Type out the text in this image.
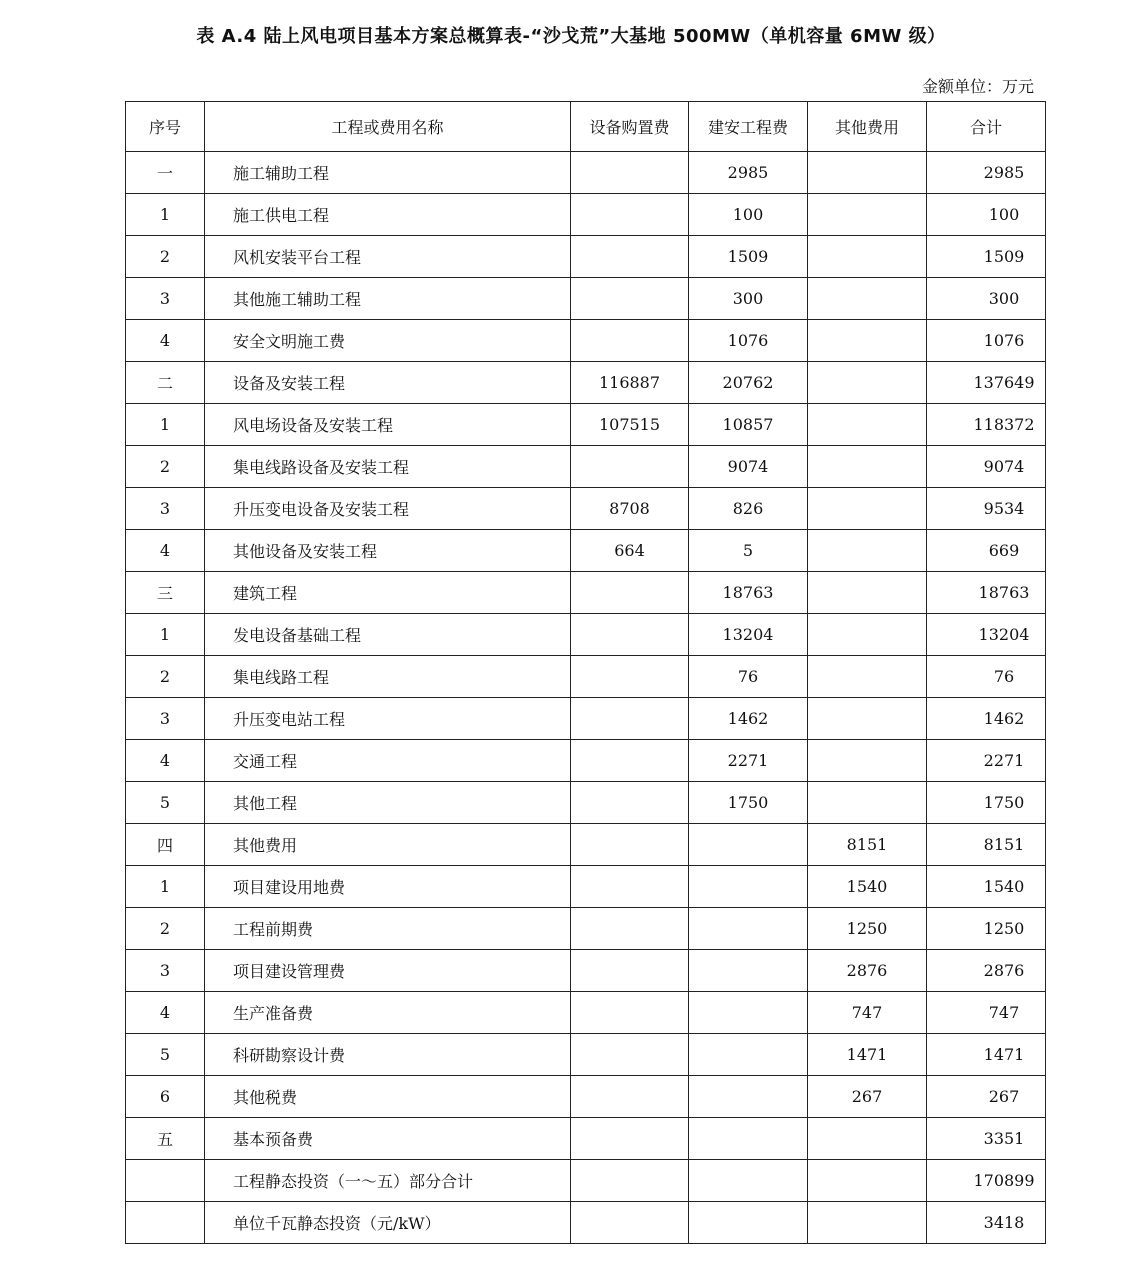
表 A.4 陆上风电项目基本方案总概算表-“沙戈荒”大基地 500MW（单机容量 6MW 级）
金额单位：万元
序号	工程或费用名称	设备购置费	建安工程费	其他费用	合计
一	施工辅助工程		2985		2985
1	施工供电工程		100		100
2	风机安装平台工程		1509		1509
3	其他施工辅助工程		300		300
4	安全文明施工费		1076		1076
二	设备及安装工程	116887	20762		137649
1	风电场设备及安装工程	107515	10857		118372
2	集电线路设备及安装工程		9074		9074
3	升压变电设备及安装工程	8708	826		9534
4	其他设备及安装工程	664	5		669
三	建筑工程		18763		18763
1	发电设备基础工程		13204		13204
2	集电线路工程		76		76
3	升压变电站工程		1462		1462
4	交通工程		2271		2271
5	其他工程		1750		1750
四	其他费用			8151	8151
1	项目建设用地费			1540	1540
2	工程前期费			1250	1250
3	项目建设管理费			2876	2876
4	生产准备费			747	747
5	科研勘察设计费			1471	1471
6	其他税费			267	267
五	基本预备费				3351
	工程静态投资（一～五）部分合计				170899
	单位千瓦静态投资（元/kW）				3418
